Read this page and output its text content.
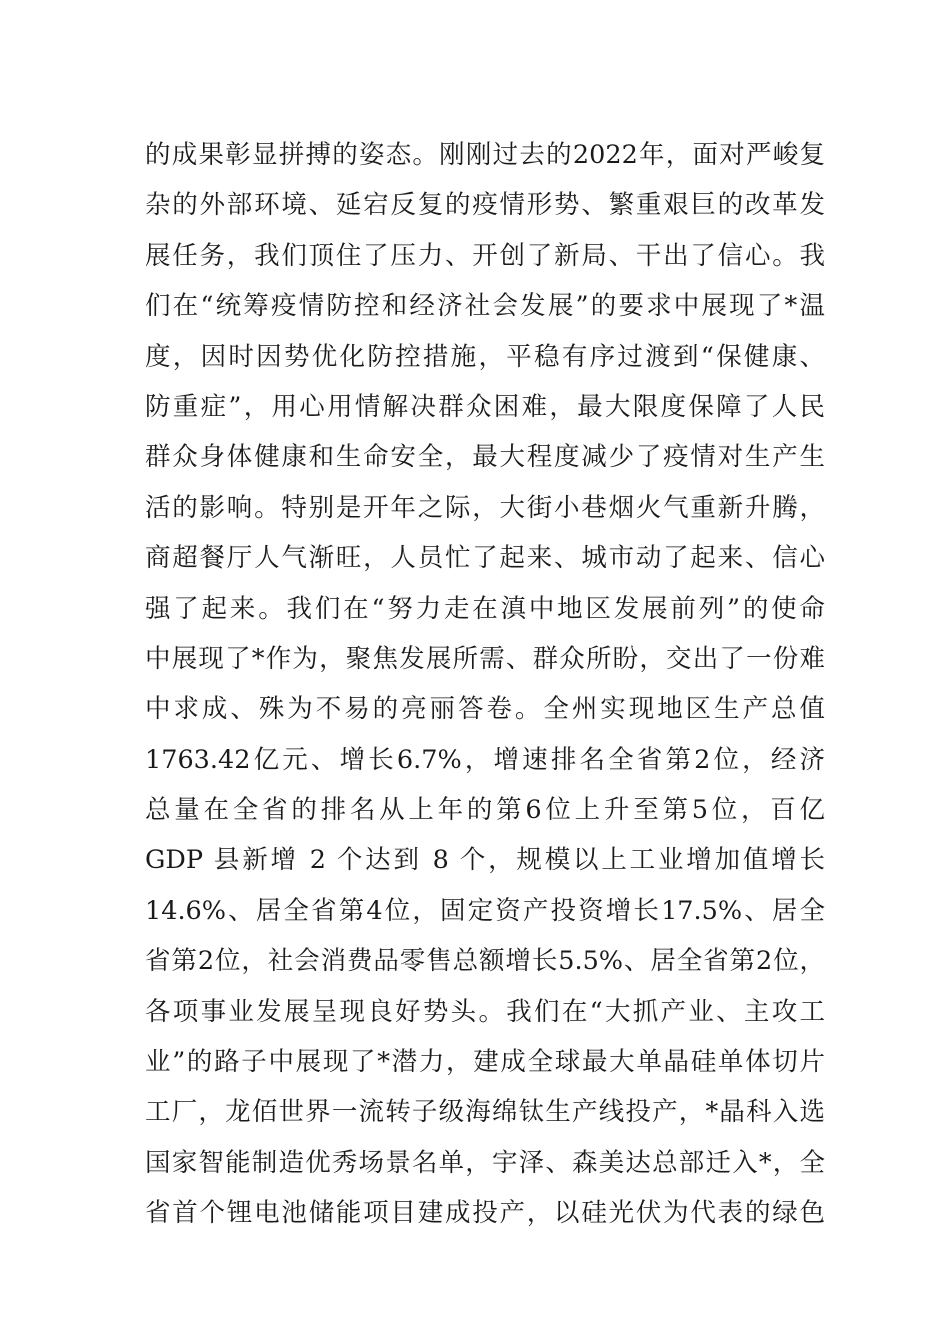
的成果彰显拼搏的姿态。刚刚过去的2022年，面对严峻复
杂的外部环境、延宕反复的疫情形势、繁重艰巨的改革发
展任务，我们顶住了压力、开创了新局、干出了信心。我
们在“统筹疫情防控和经济社会发展”的要求中展现了*温
度，因时因势优化防控措施，平稳有序过渡到“保健康、
防重症”，用心用情解决群众困难，最大限度保障了人民
群众身体健康和生命安全，最大程度减少了疫情对生产生
活的影响。特别是开年之际，大街小巷烟火气重新升腾，
商超餐厅人气渐旺，人员忙了起来、城市动了起来、信心
强了起来。我们在“努力走在滇中地区发展前列”的使命
中展现了*作为，聚焦发展所需、群众所盼，交出了一份难
中求成、殊为不易的亮丽答卷。全州实现地区生产总值
1763.42亿元、增长6.7%，增速排名全省第2位，经济
总量在全省的排名从上年的第6位上升至第5位，百亿
GDP 县新增 2 个达到 8 个，规模以上工业增加值增长
14.6%、居全省第4位，固定资产投资增长17.5%、居全
省第2位，社会消费品零售总额增长5.5%、居全省第2位，
各项事业发展呈现良好势头。我们在“大抓产业、主攻工
业”的路子中展现了*潜力，建成全球最大单晶硅单体切片
工厂，龙佰世界一流转子级海绵钛生产线投产，*晶科入选
国家智能制造优秀场景名单，宇泽、森美达总部迁入*，全
省首个锂电池储能项目建成投产，以硅光伏为代表的绿色
